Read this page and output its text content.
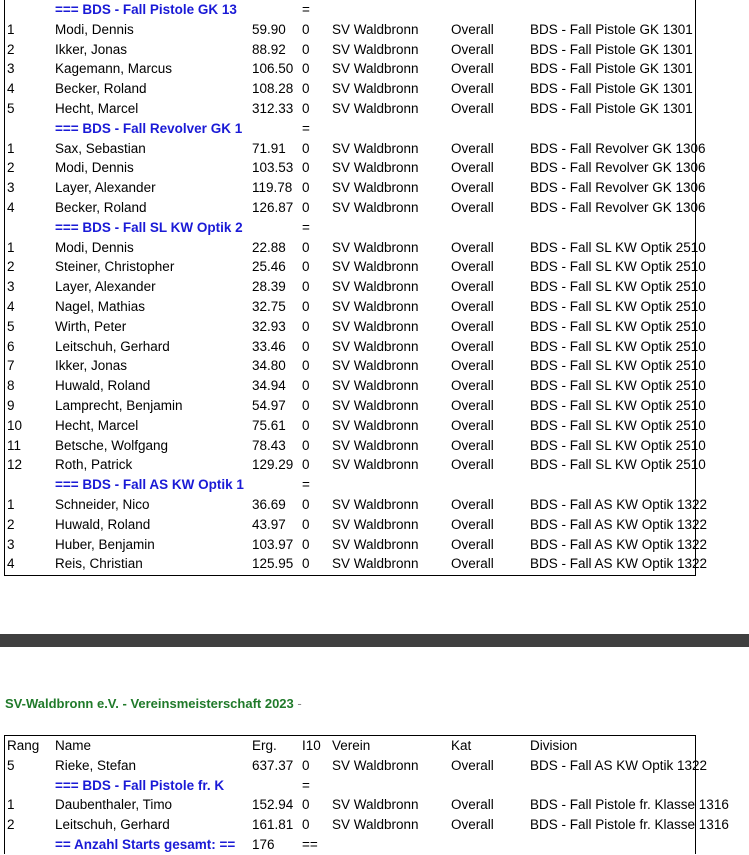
=== BDS - Fall Pistole GK 13	=
1	Modi, Dennis	59.90 0 SV Waldbronn Overall	BDS - Fall Pistole GK 1301
2	Ikker, Jonas	88.92 0 SV Waldbronn Overall	BDS - Fall Pistole GK 1301
3	Kagemann, Marcus	106.50 0 SV Waldbronn Overall	BDS - Fall Pistole GK 1301
4	Becker, Roland	108.28 0 SV Waldbronn Overall	BDS - Fall Pistole GK 1301
5	Hecht, Marcel	312.33 0 SV Waldbronn Overall	BDS - Fall Pistole GK 1301
=== BDS - Fall Revolver GK 1	=
1	Sax, Sebastian	71.91 0 SV Waldbronn Overall	BDS - Fall Revolver GK 1306
2	Modi, Dennis	103.53 0 SV Waldbronn Overall	BDS - Fall Revolver GK 1306
3	Layer, Alexander	119.78 0 SV Waldbronn Overall	BDS - Fall Revolver GK 1306
4	Becker, Roland	126.87 0 SV Waldbronn Overall	BDS - Fall Revolver GK 1306
=== BDS - Fall SL KW Optik 2	=
1	Modi, Dennis	22.88 0 SV Waldbronn Overall	BDS - Fall SL KW Optik 2510
2	Steiner, Christopher	25.46 0 SV Waldbronn Overall	BDS - Fall SL KW Optik 2510
3	Layer, Alexander	28.39 0 SV Waldbronn Overall	BDS - Fall SL KW Optik 2510
4	Nagel, Mathias	32.75 0 SV Waldbronn Overall	BDS - Fall SL KW Optik 2510
5	Wirth, Peter	32.93 0 SV Waldbronn Overall	BDS - Fall SL KW Optik 2510
6	Leitschuh, Gerhard	33.46 0 SV Waldbronn Overall	BDS - Fall SL KW Optik 2510
7	Ikker, Jonas	34.80 0 SV Waldbronn Overall	BDS - Fall SL KW Optik 2510
8	Huwald, Roland	34.94 0 SV Waldbronn Overall	BDS - Fall SL KW Optik 2510
9	Lamprecht, Benjamin	54.97 0 SV Waldbronn Overall	BDS - Fall SL KW Optik 2510
10 Hecht, Marcel	75.61 0 SV Waldbronn Overall	BDS - Fall SL KW Optik 2510
11	Betsche, Wolfgang	78.43 0 SV Waldbronn Overall	BDS - Fall SL KW Optik 2510
12 Roth, Patrick	129.29 0 SV Waldbronn Overall	BDS - Fall SL KW Optik 2510
=== BDS - Fall AS KW Optik 1	=
1	Schneider, Nico	36.69 0 SV Waldbronn Overall	BDS - Fall AS KW Optik 1322
2	Huwald, Roland	43.97 0 SV Waldbronn Overall	BDS - Fall AS KW Optik 1322
3	Huber, Benjamin	103.97 0 SV Waldbronn Overall	BDS - Fall AS KW Optik 1322
4	Reis, Christian	125.95 0 SV Waldbronn Overall	BDS - Fall AS KW Optik 1322
SV-Waldbronn e.V. - Vereinsmeisterschaft 2023 -
Rang Name	Erg. I10 Verein	Kat	Division
5	Rieke, Stefan	637.37 0 SV Waldbronn Overall	BDS - Fall AS KW Optik 1322
=== BDS - Fall Pistole fr. K	=
1	Daubenthaler, Timo	152.94 0 SV Waldbronn Overall	BDS - Fall Pistole fr. Klasse 1316
2	Leitschuh, Gerhard	161.81 0 SV Waldbronn Overall	BDS - Fall Pistole fr. Klasse 1316
== Anzahl Starts gesamt: == 176 ==
